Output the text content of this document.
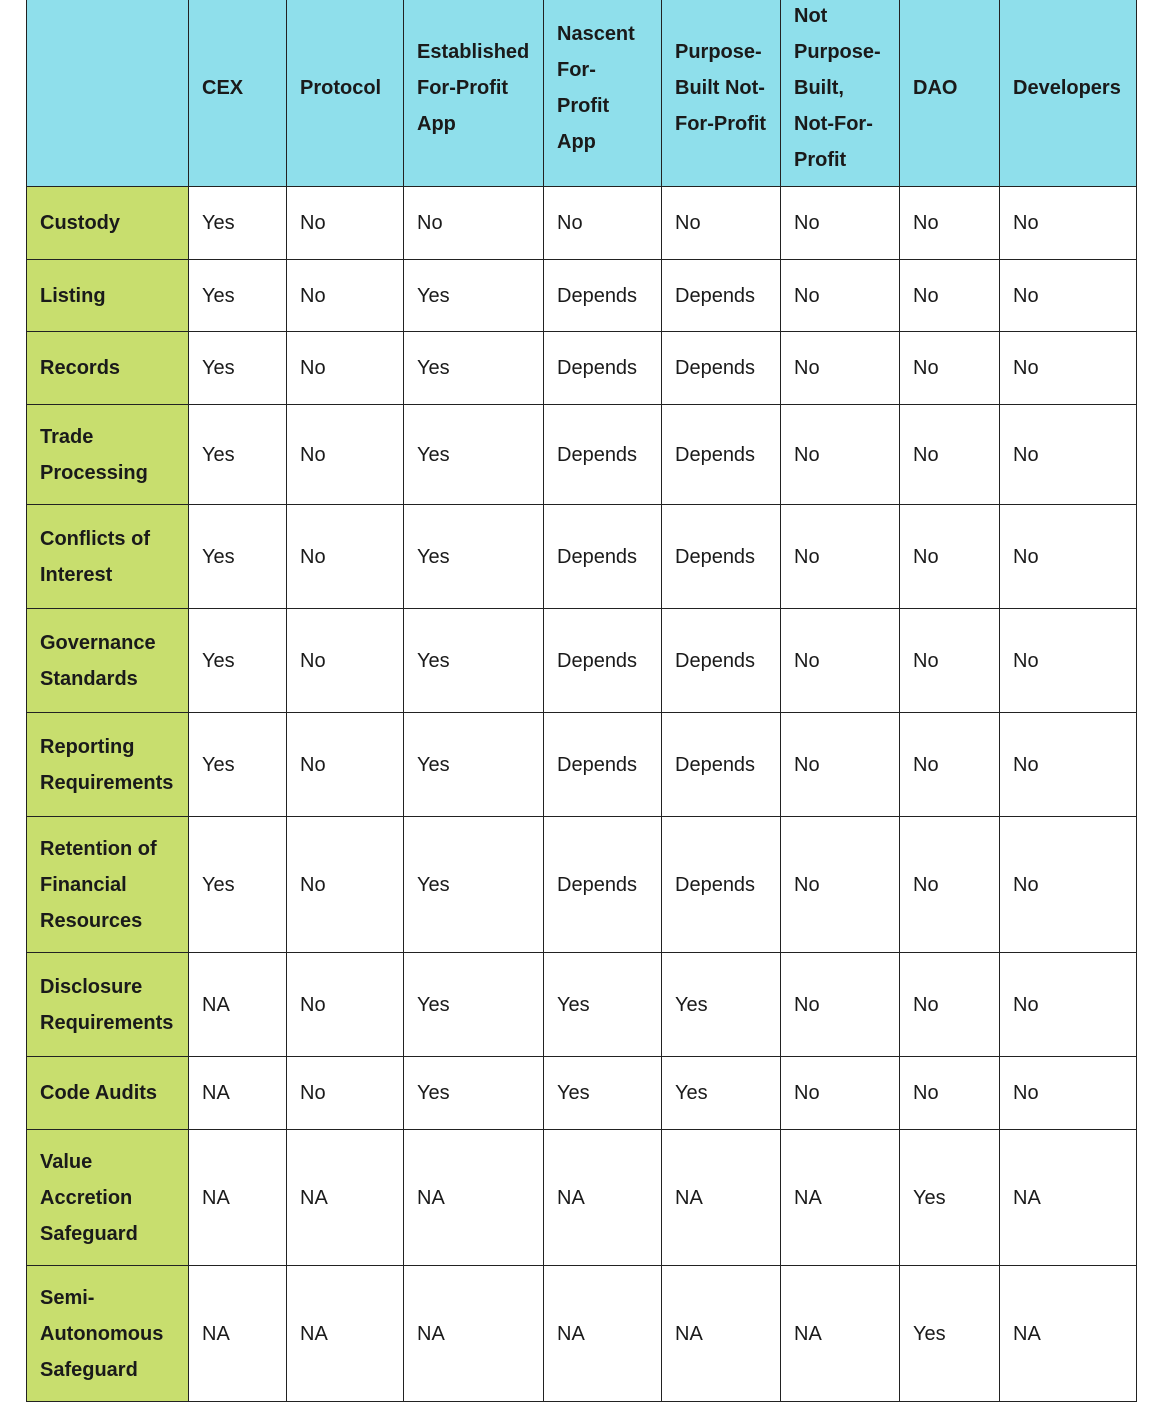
	CEX	Protocol	Established For-Profit App	Nascent For-Profit App	Purpose-Built Not-For-Profit	Not Purpose-Built, Not-For-Profit	DAO	Developers
Custody	Yes	No	No	No	No	No	No	No
Listing	Yes	No	Yes	Depends	Depends	No	No	No
Records	Yes	No	Yes	Depends	Depends	No	No	No
Trade Processing	Yes	No	Yes	Depends	Depends	No	No	No
Conflicts of Interest	Yes	No	Yes	Depends	Depends	No	No	No
Governance Standards	Yes	No	Yes	Depends	Depends	No	No	No
Reporting Requirements	Yes	No	Yes	Depends	Depends	No	No	No
Retention of Financial Resources	Yes	No	Yes	Depends	Depends	No	No	No
Disclosure Requirements	NA	No	Yes	Yes	Yes	No	No	No
Code Audits	NA	No	Yes	Yes	Yes	No	No	No
Value Accretion Safeguard	NA	NA	NA	NA	NA	NA	Yes	NA
Semi-Autonomous Safeguard	NA	NA	NA	NA	NA	NA	Yes	NA
